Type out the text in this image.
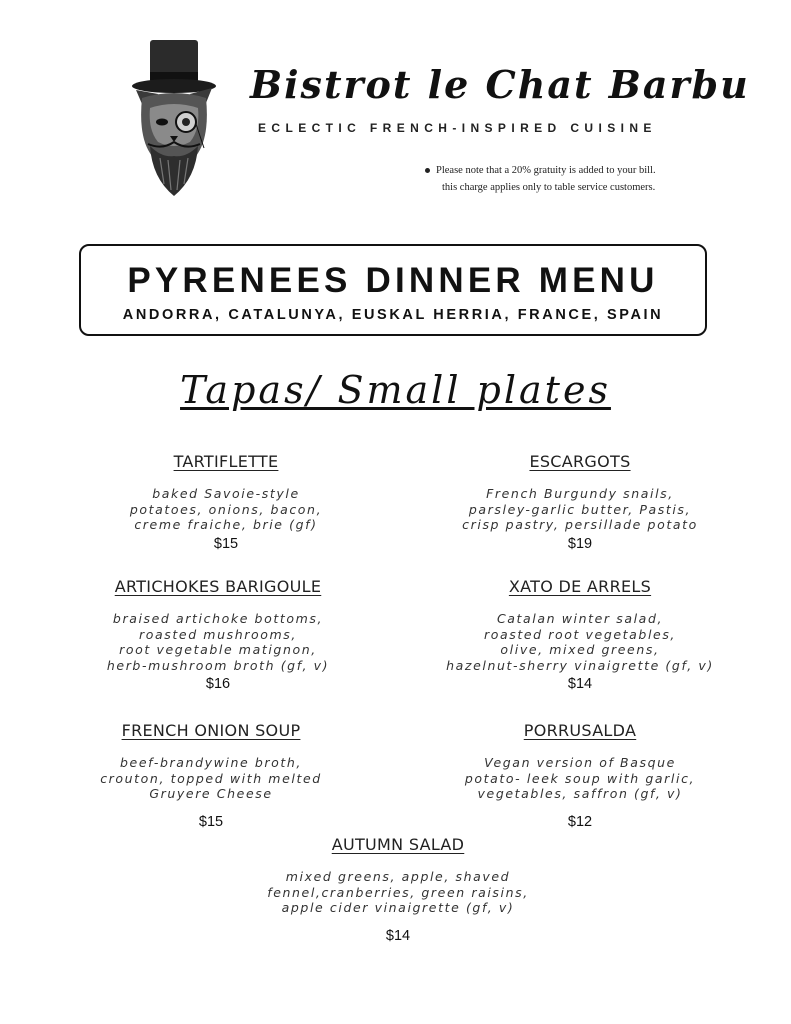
Bistrot le Chat Barbu
ECLECTIC FRENCH-INSPIRED CUISINE
Please note that a 20% gratuity is added to your bill.
this charge applies only to table service customers.
PYRENEES DINNER MENU
ANDORRA, CATALUNYA, EUSKAL HERRIA, FRANCE, SPAIN
Tapas/ Small plates
TARTIFLETTE
baked Savoie-style
potatoes, onions, bacon,
creme fraiche, brie (gf)
$15
ESCARGOTS
French Burgundy snails,
parsley-garlic butter, Pastis,
crisp pastry, persillade potato
$19
ARTICHOKES BARIGOULE
braised artichoke bottoms,
roasted mushrooms,
root vegetable matignon,
herb-mushroom broth (gf, v)
$16
XATO DE ARRELS
Catalan winter salad,
roasted root vegetables,
olive, mixed greens,
hazelnut-sherry vinaigrette (gf, v)
$14
FRENCH ONION SOUP
beef-brandywine broth,
crouton, topped with melted
Gruyere Cheese
$15
PORRUSALDA
Vegan version of Basque
potato- leek soup with garlic,
vegetables, saffron (gf, v)
$12
AUTUMN SALAD
mixed greens, apple, shaved
fennel,cranberries, green raisins,
apple cider vinaigrette (gf, v)
$14
